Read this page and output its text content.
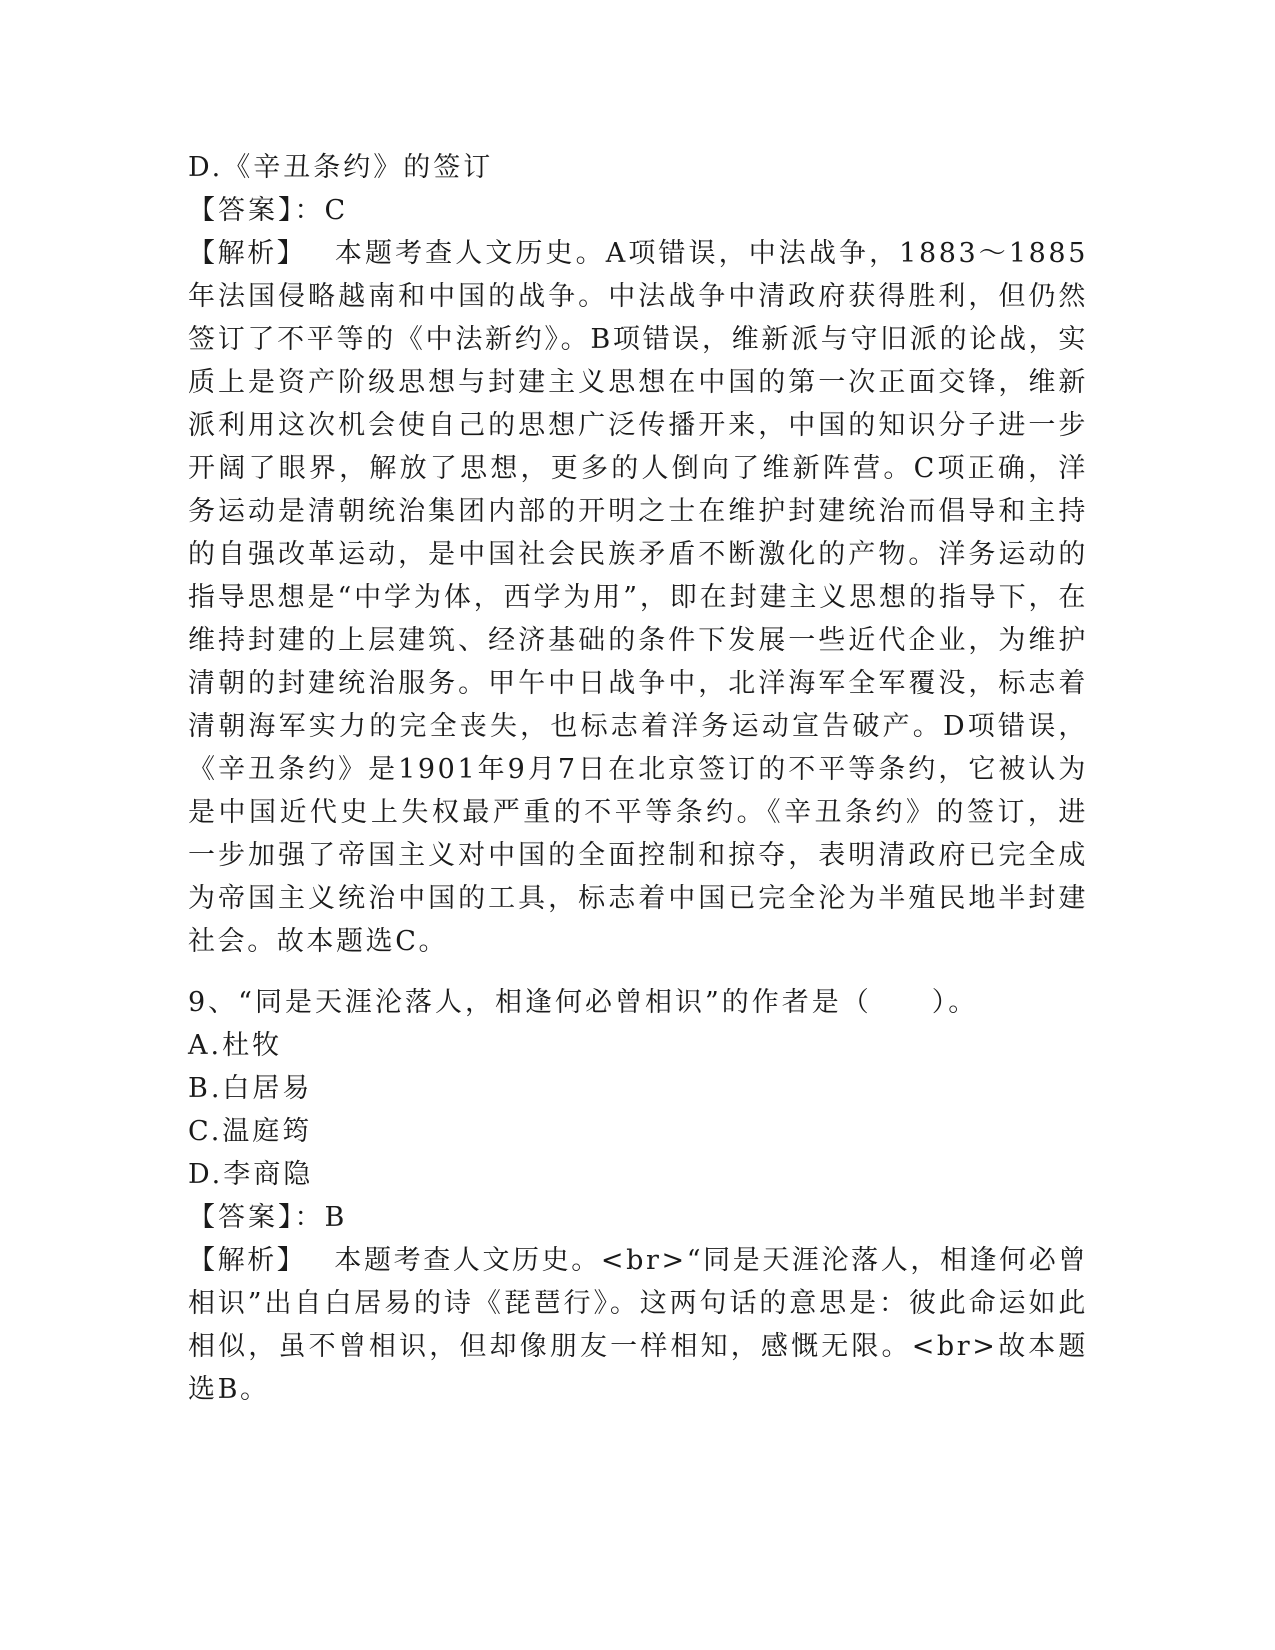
D.《辛丑条约》的签订
【答案】：C
【解析】 本题考查人文历史。A项错误，中法战争，1883～1885年法国侵略越南和中国的战争。中法战争中清政府获得胜利，但仍然签订了不平等的《中法新约》。B项错误，维新派与守旧派的论战，实质上是资产阶级思想与封建主义思想在中国的第一次正面交锋，维新派利用这次机会使自己的思想广泛传播开来，中国的知识分子进一步开阔了眼界，解放了思想，更多的人倒向了维新阵营。C项正确，洋务运动是清朝统治集团内部的开明之士在维护封建统治而倡导和主持的自强改革运动，是中国社会民族矛盾不断激化的产物。洋务运动的指导思想是“中学为体，西学为用”，即在封建主义思想的指导下，在维持封建的上层建筑、经济基础的条件下发展一些近代企业，为维护清朝的封建统治服务。甲午中日战争中，北洋海军全军覆没，标志着清朝海军实力的完全丧失，也标志着洋务运动宣告破产。D项错误，《辛丑条约》是1901年9月7日在北京签订的不平等条约，它被认为是中国近代史上失权最严重的不平等条约。《辛丑条约》的签订，进一步加强了帝国主义对中国的全面控制和掠夺，表明清政府已完全成为帝国主义统治中国的工具，标志着中国已完全沦为半殖民地半封建社会。故本题选C。
9、“同是天涯沦落人，相逢何必曾相识”的作者是（　　）。
A.杜牧
B.白居易
C.温庭筠
D.李商隐
【答案】：B
【解析】 本题考查人文历史。<br>“同是天涯沦落人，相逢何必曾相识”出自白居易的诗《琵琶行》。这两句话的意思是：彼此命运如此相似，虽不曾相识，但却像朋友一样相知，感慨无限。<br>故本题选B。
